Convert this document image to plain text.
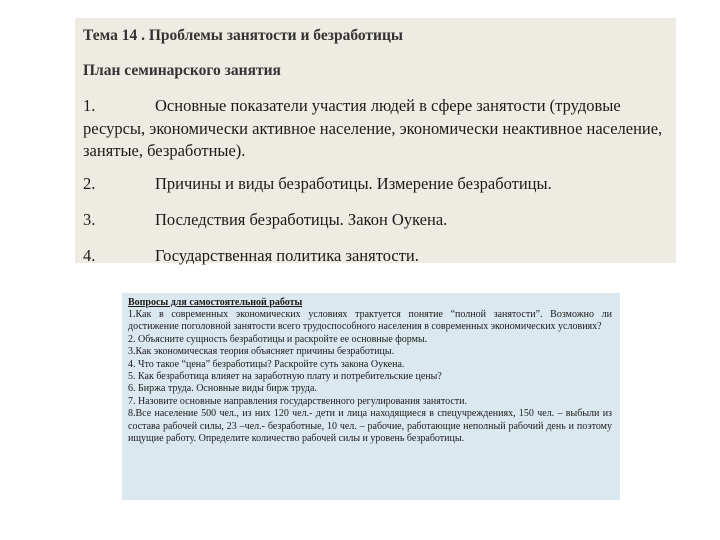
Тема 14 . Проблемы занятости и безработицы
План семинарского занятия
1.	Основные показатели участия людей в сфере занятости (трудовые ресурсы, экономически активное население, экономически неактивное население, занятые, безработные).
2.	Причины и виды безработицы. Измерение безработицы.
3.	Последствия безработицы. Закон Оукена.
4.	Государственная политика занятости.
Вопросы для самостоятельной работы
1.Как в современных экономических условиях трактуется понятие “полной занятости”. Возможно ли достижение поголовной занятости всего трудоспособного населения в современных экономических условиях?
2. Объясните сущность безработицы и раскройте ее основные формы.
3.Как экономическая теория объясняет причины безработицы.
4. Что такое “цена” безработицы? Раскройте суть закона Оукена.
5. Как безработица влияет на заработную плату и потребительские цены?
6. Биржа труда. Основные виды бирж труда.
7. Назовите основные направления государственного регулирования занятости.
8.Все население 500 чел., из них 120 чел.- дети и лица находящиеся в спецучреждениях, 150 чел. – выбыли из состава рабочей силы, 23 –чел.- безработные, 10 чел. – рабочие, работающие неполный рабочий день и поэтому ищущие работу. Определите количество рабочей силы и уровень безработицы.
